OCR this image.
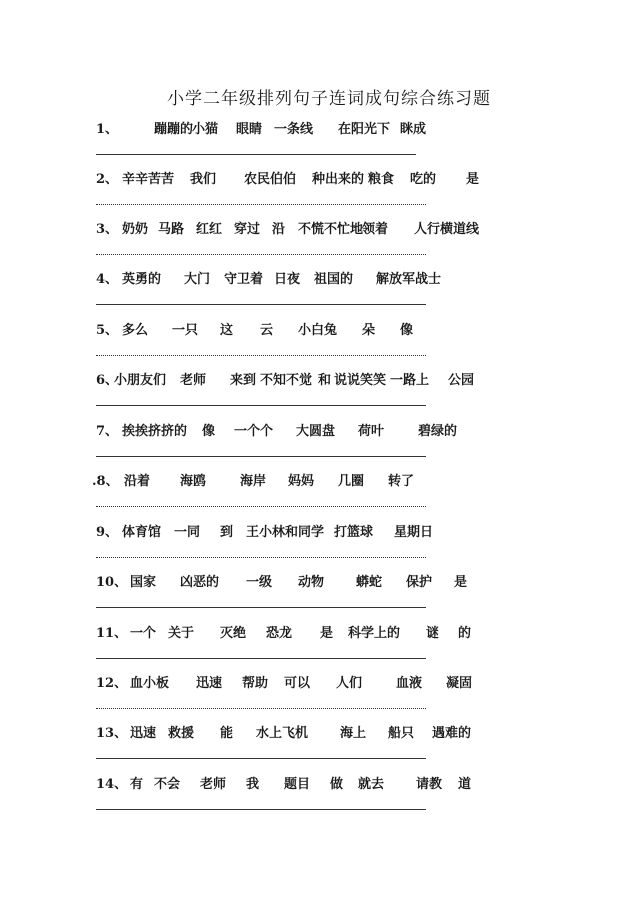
小学二年级排列句子连词成句综合练习题
1、	蹦蹦的
小猫 眼睛 一条线 在阳光下 眯成
2、 辛辛苦苦 我们 农民伯伯 种出来的 粮食 吃的 是
3、 奶奶 马路 红红 穿过 沿 不慌不忙地
领着 人行横道线
4、 英勇的 大门 守卫着 日夜 祖国的 解放军战士
5、 多么 一只 这 云 小白兔 朵 像
6、
小朋友们 老师 来到 不知不觉 和 说说笑笑 一路上 公园
7、 挨挨挤挤的 像 一个个 大圆盘 荷叶	碧绿的
.8、 沿着 海鸥	海岸 妈妈 几圈 转了
9、 体育馆 一同 到 王小林和同学 打篮球 星期日
10、 国家 凶恶的 一级 动物 蟒蛇 保护 是
11、 一个 关于 灭绝 恐龙 是 科学上的 谜 的
12、 血小板 迅速 帮助 可以 人们	血液 凝固
13、 迅速 救援 能 水上飞机 海上 船只 遇难的
14、 有 不会 老师 我 题目 做 就去 请教 道
